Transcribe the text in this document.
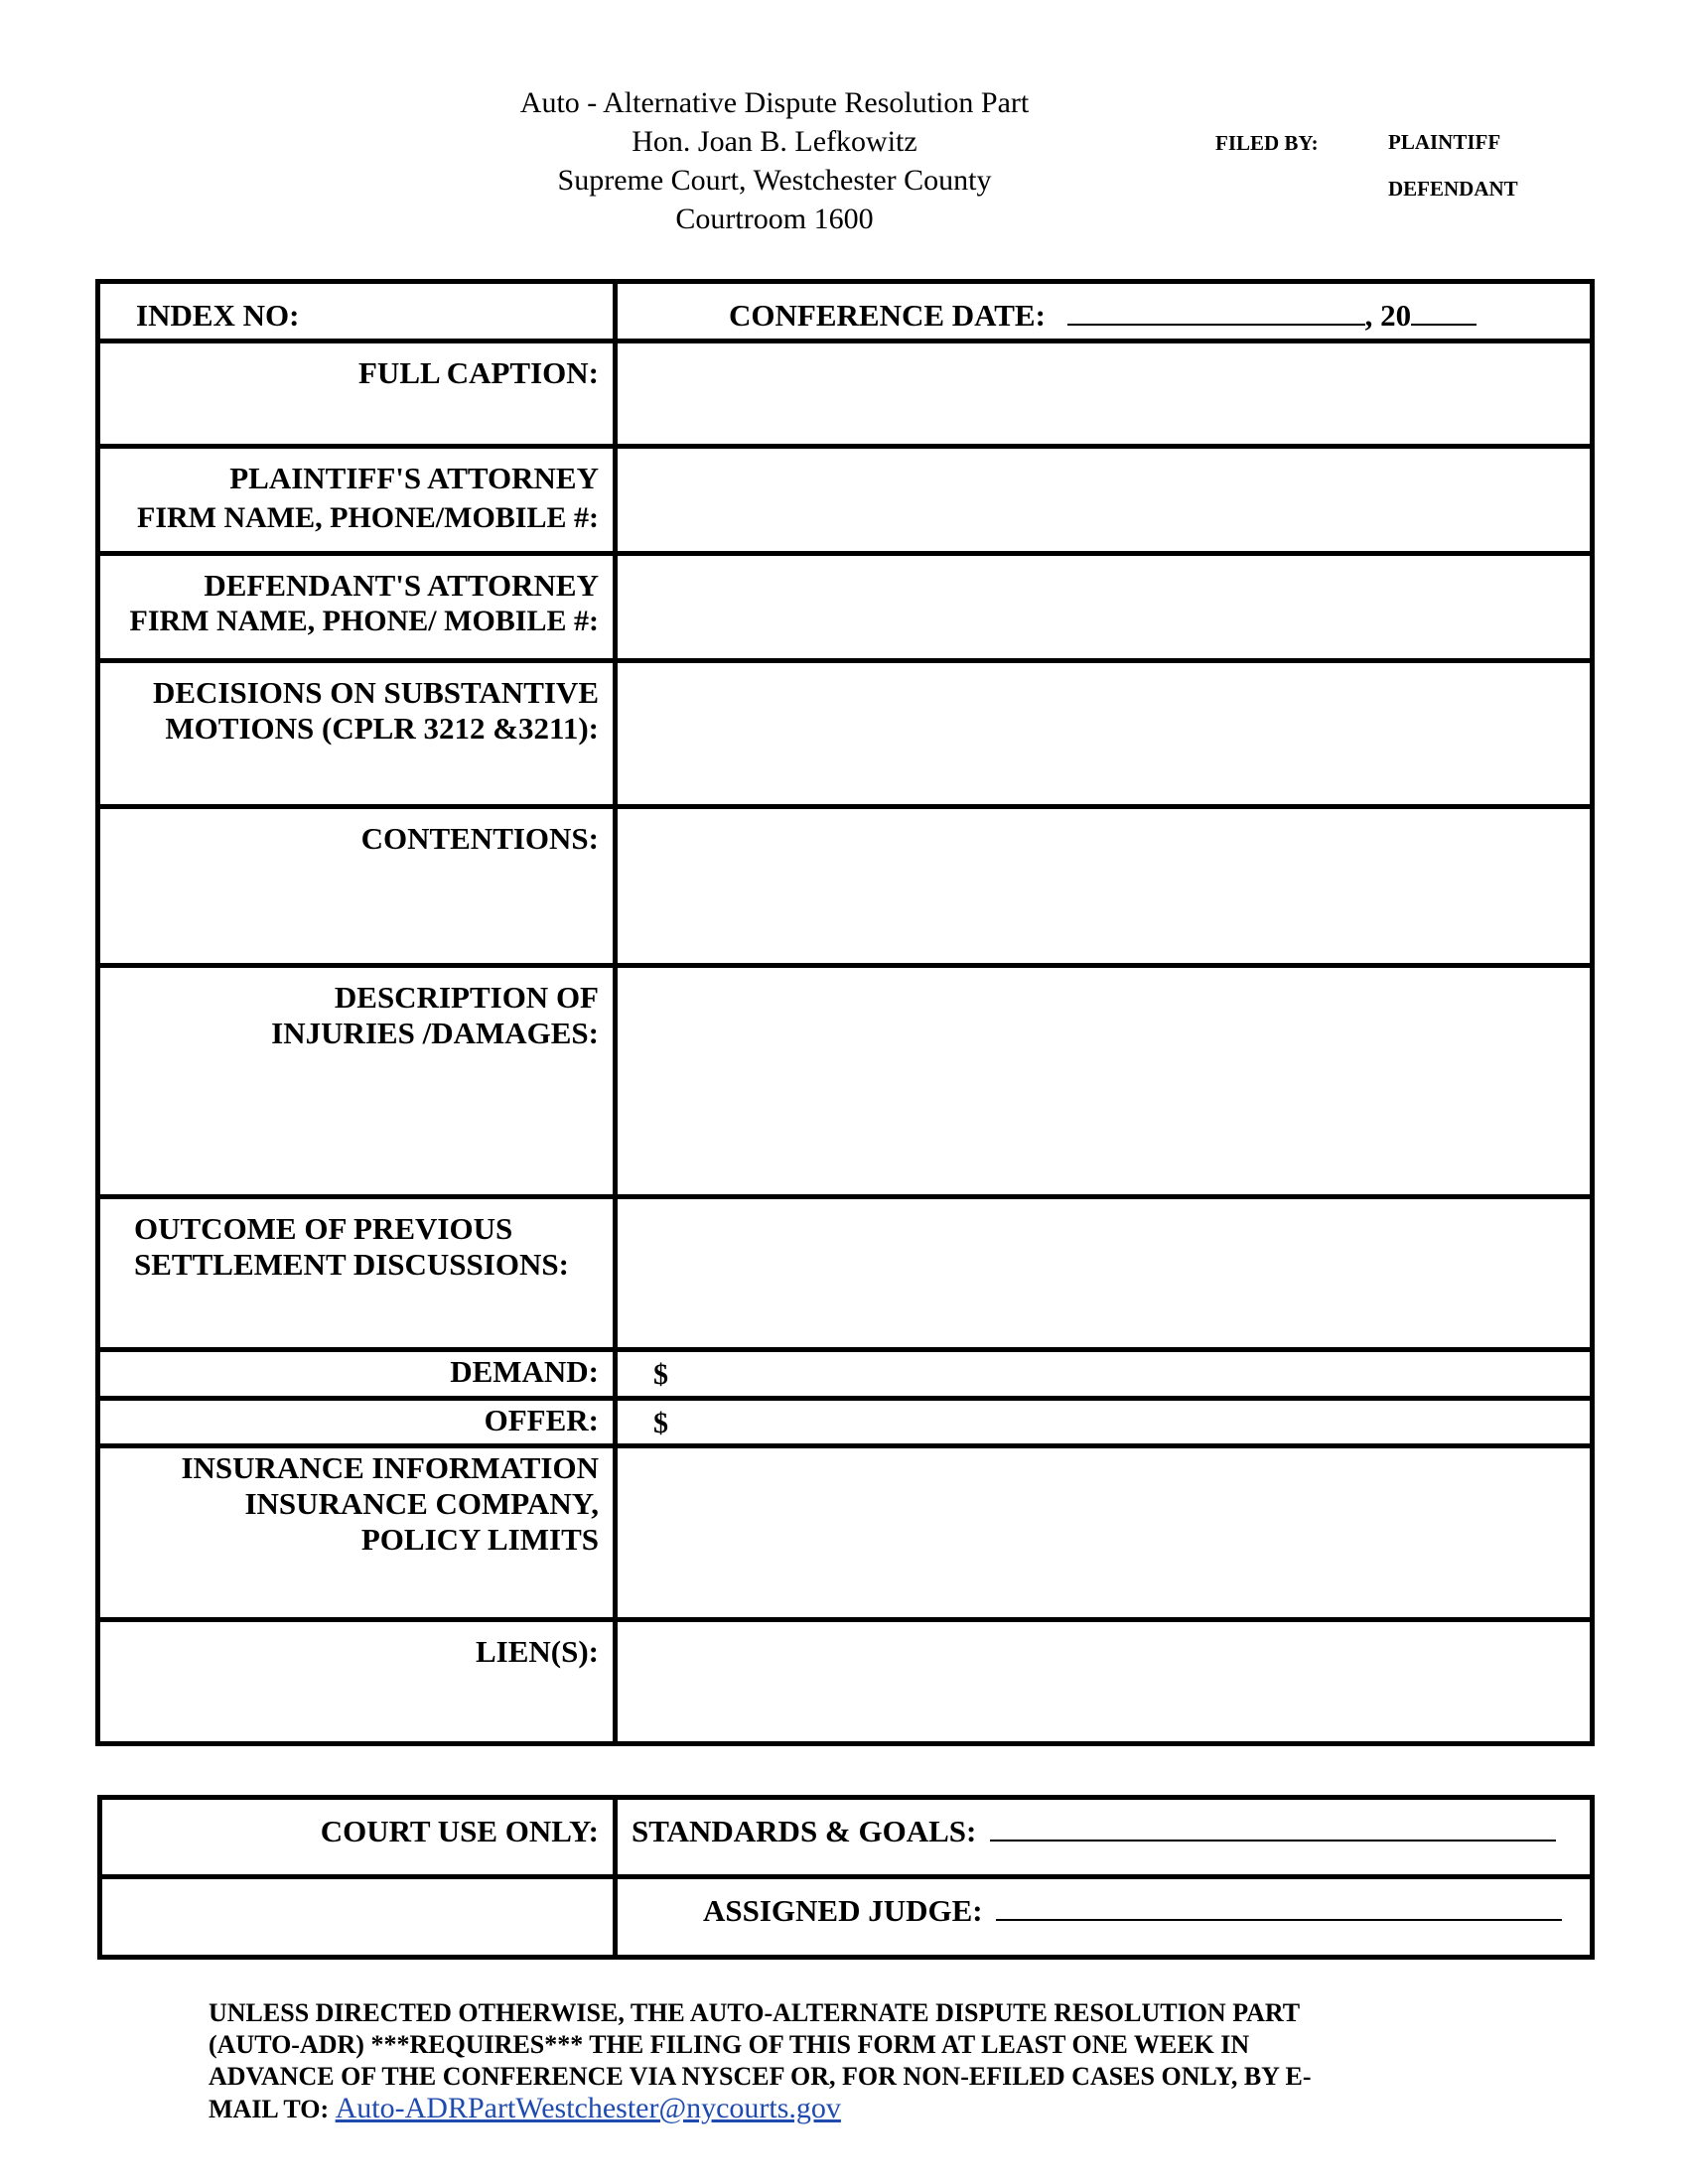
Auto - Alternative Dispute Resolution Part
Hon. Joan B. Lefkowitz
Supreme Court, Westchester County
Courtroom 1600
FILED BY:	PLAINTIFF
DEFENDANT
INDEX NO:	CONFERENCE DATE: , 20
FULL CAPTION:	

PLAINTIFF'S ATTORNEY
FIRM NAME, PHONE/MOBILE #:	

DEFENDANT'S ATTORNEY
FIRM NAME, PHONE/ MOBILE #:	

DECISIONS ON SUBSTANTIVE
MOTIONS (CPLR 3212 &3211):	

CONTENTIONS:	

DESCRIPTION OF
INJURIES /DAMAGES:	

OUTCOME OF PREVIOUS
SETTLEMENT DISCUSSIONS:	

DEMAND:	$
OFFER:	$

INSURANCE INFORMATION
INSURANCE COMPANY,
POLICY LIMITS	

LIEN(S):	
COURT USE ONLY:	STANDARDS & GOALS:
	ASSIGNED JUDGE:
UNLESS DIRECTED OTHERWISE, THE AUTO-ALTERNATE DISPUTE RESOLUTION PART
(AUTO-ADR) ***REQUIRES*** THE FILING OF THIS FORM AT LEAST ONE WEEK IN
ADVANCE OF THE CONFERENCE VIA NYSCEF OR, FOR NON-EFILED CASES ONLY, BY E-
MAIL TO: Auto-ADRPartWestchester@nycourts.gov
